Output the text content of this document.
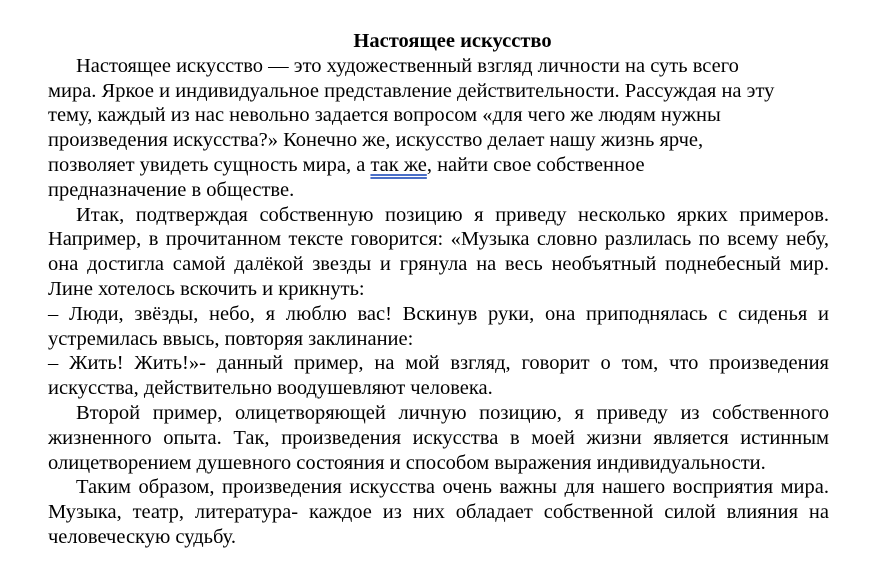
Настоящее искусство
Настоящее искусство — это художественный взгляд личности на суть всего
мира. Яркое и индивидуальное представление действительности. Рассуждая на эту
тему, каждый из нас невольно задается вопросом «для чего же людям нужны
произведения искусства?» Конечно же, искусство делает нашу жизнь ярче,
позволяет увидеть сущность мира, а так же, найти свое собственное
предназначение в обществе.

Итак, подтверждая собственную позицию я приведу несколько ярких примеров. Например, в прочитанном тексте говорится: «Музыка словно разлилась по всему небу, она достигла самой далёкой звезды и грянула на весь необъятный поднебесный мир. Лине хотелось вскочить и крикнуть:

– Люди, звёзды, небо, я люблю вас! Вскинув руки, она приподнялась с сиденья и устремилась ввысь, повторяя заклинание:

– Жить! Жить!»- данный пример, на мой взгляд, говорит о том, что произведения искусства, действительно воодушевляют человека.

Второй пример, олицетворяющей личную позицию, я приведу из собственного жизненного опыта. Так, произведения искусства в моей жизни является истинным олицетворением душевного состояния и способом выражения индивидуальности.

Таким образом, произведения искусства очень важны для нашего восприятия мира. Музыка, театр, литература- каждое из них обладает собственной силой влияния на человеческую судьбу.
